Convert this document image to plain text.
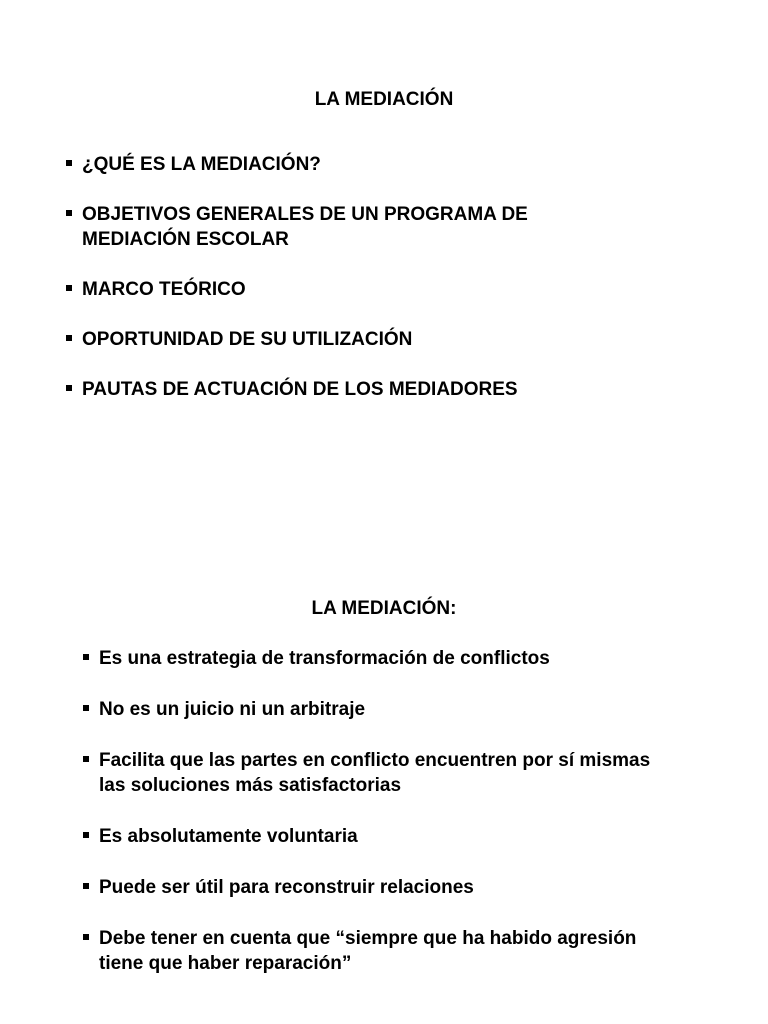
LA MEDIACIÓN
¿QUÉ ES LA MEDIACIÓN?
OBJETIVOS GENERALES DE UN PROGRAMA DE MEDIACIÓN ESCOLAR
MARCO TEÓRICO
OPORTUNIDAD DE SU UTILIZACIÓN
PAUTAS DE ACTUACIÓN DE LOS MEDIADORES
LA MEDIACIÓN:
Es una estrategia de transformación de conflictos
No es un juicio ni un arbitraje
Facilita que las partes en conflicto encuentren por sí mismas las soluciones más satisfactorias
Es absolutamente voluntaria
Puede ser útil para reconstruir relaciones
Debe tener en cuenta que “siempre que ha habido agresión tiene que haber reparación”
